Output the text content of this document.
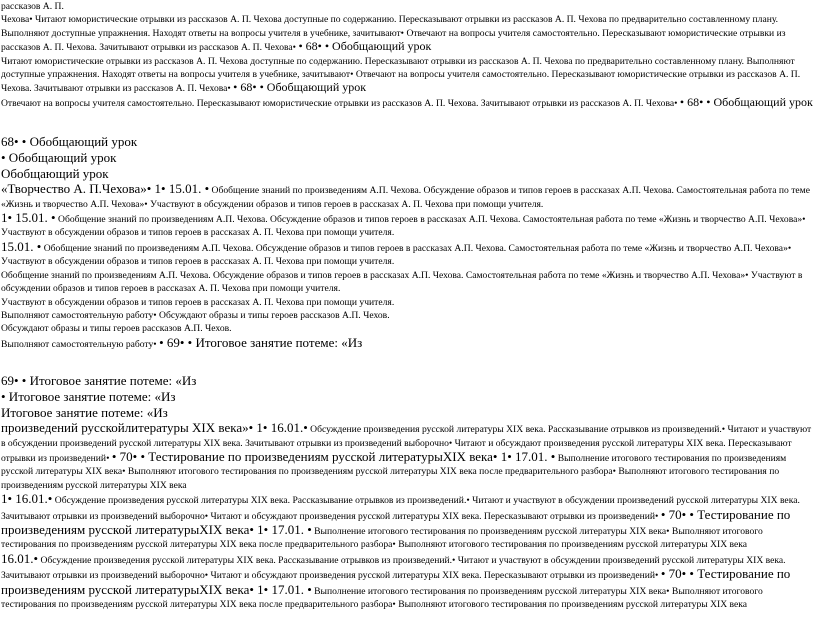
рассказов А. П.

Чехова• Читают юмористические отрывки из рассказов А. П. Чехова доступные по содержанию. Пересказывают отрывки из рассказов А. П. Чехова по предварительно составленному плану. Выполняют доступные упражнения. Находят ответы на вопросы учителя в учебнике, зачитывают• Отвечают на вопросы учителя самостоятельно. Пересказывают юмористические отрывки из рассказов А. П. Чехова. Зачитывают отрывки из рассказов А. П. Чехова• • 68• • Обобщающий урок

Читают юмористические отрывки из рассказов А. П. Чехова доступные по содержанию. Пересказывают отрывки из рассказов А. П. Чехова по предварительно составленному плану. Выполняют доступные упражнения. Находят ответы на вопросы учителя в учебнике, зачитывают• Отвечают на вопросы учителя самостоятельно. Пересказывают юмористические отрывки из рассказов А. П. Чехова. Зачитывают отрывки из рассказов А. П. Чехова• • 68• • Обобщающий урок

Отвечают на вопросы учителя самостоятельно. Пересказывают юмористические отрывки из рассказов А. П. Чехова. Зачитывают отрывки из рассказов А. П. Чехова• • 68• • Обобщающий урок

68• • Обобщающий урок

• Обобщающий урок

Обобщающий урок

«Творчество А. П.Чехова»• 1• 15.01. • Обобщение знаний по произведениям А.П. Чехова. Обсуждение образов и типов героев в рассказах А.П. Чехова. Самостоятельная работа по теме «Жизнь и творчество А.П. Чехова»• Участвуют в обсуждении образов и типов героев в рассказах А. П. Чехова при помощи учителя.

1• 15.01. • Обобщение знаний по произведениям А.П. Чехова. Обсуждение образов и типов героев в рассказах А.П. Чехова. Самостоятельная работа по теме «Жизнь и творчество А.П. Чехова»• Участвуют в обсуждении образов и типов героев в рассказах А. П. Чехова при помощи учителя.

15.01. • Обобщение знаний по произведениям А.П. Чехова. Обсуждение образов и типов героев в рассказах А.П. Чехова. Самостоятельная работа по теме «Жизнь и творчество А.П. Чехова»• Участвуют в обсуждении образов и типов героев в рассказах А. П. Чехова при помощи учителя.

Обобщение знаний по произведениям А.П. Чехова. Обсуждение образов и типов героев в рассказах А.П. Чехова. Самостоятельная работа по теме «Жизнь и творчество А.П. Чехова»• Участвуют в обсуждении образов и типов героев в рассказах А. П. Чехова при помощи учителя.

Участвуют в обсуждении образов и типов героев в рассказах А. П. Чехова при помощи учителя.

Выполняют самостоятельную работу• Обсуждают образы и типы героев рассказов А.П. Чехов.

Обсуждают образы и типы героев рассказов А.П. Чехов.

Выполняют самостоятельную работу• • 69• • Итоговое занятие потеме: «Из

69• • Итоговое занятие потеме: «Из

• Итоговое занятие потеме: «Из

Итоговое занятие потеме: «Из

произведений русскойлитературы XIX века»• 1• 16.01.• Обсуждение произведения русской литературы XIX века. Рассказывание отрывков из произведений.• Читают и участвуют в обсуждении произведений русской литературы XIX века. Зачитывают отрывки из произведений выборочно• Читают и обсуждают произведения русской литературы XIX века. Пересказывают отрывки из произведений• • 70• • Тестирование по произведениям русской литературыXIX века• 1• 17.01. • Выполнение итогового тестирования по произведениям русской литературы XIX века• Выполняют итогового тестирования по произведениям русской литературы XIX века после предварительного разбора• Выполняют итогового тестирования по произведениям русской литературы XIX века

1• 16.01.• Обсуждение произведения русской литературы XIX века. Рассказывание отрывков из произведений.• Читают и участвуют в обсуждении произведений русской литературы XIX века. Зачитывают отрывки из произведений выборочно• Читают и обсуждают произведения русской литературы XIX века. Пересказывают отрывки из произведений• • 70• • Тестирование по произведениям русской литературыXIX века• 1• 17.01. • Выполнение итогового тестирования по произведениям русской литературы XIX века• Выполняют итогового тестирования по произведениям русской литературы XIX века после предварительного разбора• Выполняют итогового тестирования по произведениям русской литературы XIX века

16.01.• Обсуждение произведения русской литературы XIX века. Рассказывание отрывков из произведений.• Читают и участвуют в обсуждении произведений русской литературы XIX века. Зачитывают отрывки из произведений выборочно• Читают и обсуждают произведения русской литературы XIX века. Пересказывают отрывки из произведений• • 70• • Тестирование по произведениям русской литературыXIX века• 1• 17.01. • Выполнение итогового тестирования по произведениям русской литературы XIX века• Выполняют итогового тестирования по произведениям русской литературы XIX века после предварительного разбора• Выполняют итогового тестирования по произведениям русской литературы XIX века
